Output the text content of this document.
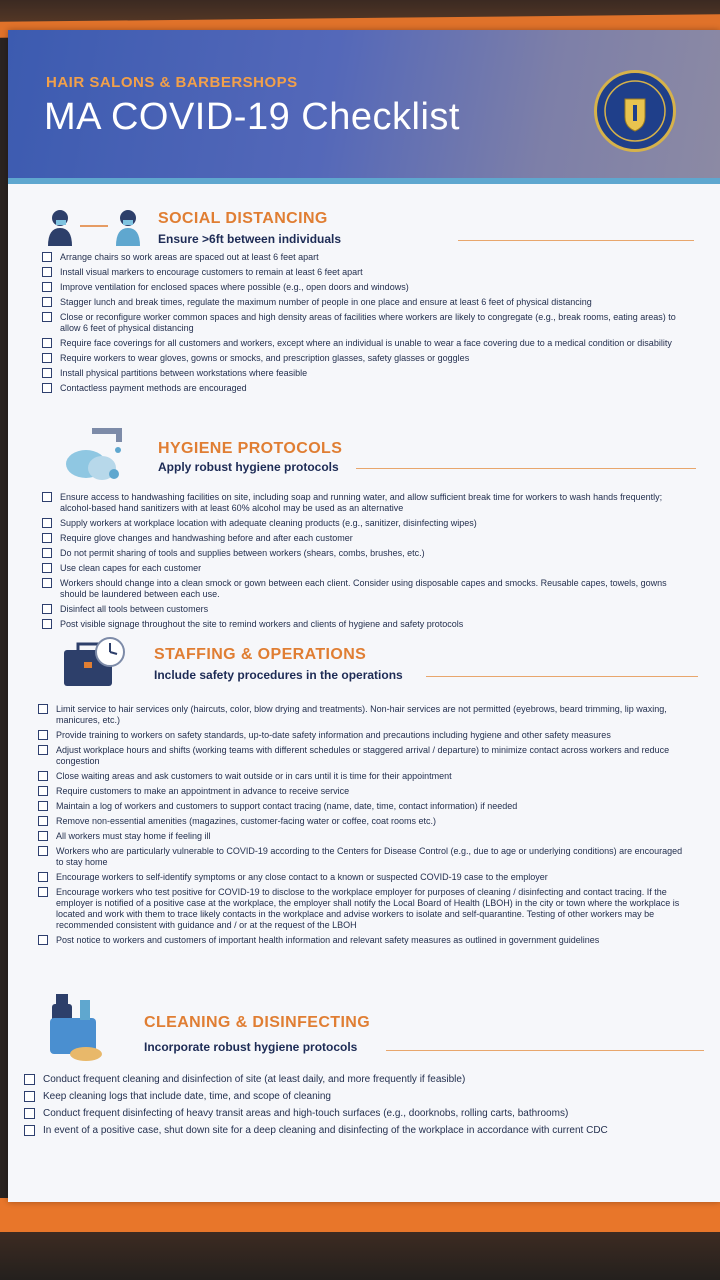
HAIR SALONS & BARBERSHOPS
MA COVID-19 Checklist
SOCIAL DISTANCING
Ensure >6ft between individuals
Arrange chairs so work areas are spaced out at least 6 feet apart
Install visual markers to encourage customers to remain at least 6 feet apart
Improve ventilation for enclosed spaces where possible (e.g., open doors and windows)
Stagger lunch and break times, regulate the maximum number of people in one place and ensure at least 6 feet of physical distancing
Close or reconfigure worker common spaces and high density areas of facilities where workers are likely to congregate (e.g., break rooms, eating areas) to allow 6 feet of physical distancing
Require face coverings for all customers and workers, except where an individual is unable to wear a face covering due to a medical condition or disability
Require workers to wear gloves, gowns or smocks, and prescription glasses, safety glasses or goggles
Install physical partitions between workstations where feasible
Contactless payment methods are encouraged
HYGIENE PROTOCOLS
Apply robust hygiene protocols
Ensure access to handwashing facilities on site, including soap and running water, and allow sufficient break time for workers to wash hands frequently; alcohol-based hand sanitizers with at least 60% alcohol may be used as an alternative
Supply workers at workplace location with adequate cleaning products (e.g., sanitizer, disinfecting wipes)
Require glove changes and handwashing before and after each customer
Do not permit sharing of tools and supplies between workers (shears, combs, brushes, etc.)
Use clean capes for each customer
Workers should change into a clean smock or gown between each client. Consider using disposable capes and smocks. Reusable capes, towels, gowns should be laundered between each use.
Disinfect all tools between customers
Post visible signage throughout the site to remind workers and clients of hygiene and safety protocols
STAFFING & OPERATIONS
Include safety procedures in the operations
Limit service to hair services only (haircuts, color, blow drying and treatments). Non-hair services are not permitted (eyebrows, beard trimming, lip waxing, manicures, etc.)
Provide training to workers on safety standards, up-to-date safety information and precautions including hygiene and other safety measures
Adjust workplace hours and shifts (working teams with different schedules or staggered arrival / departure) to minimize contact across workers and reduce congestion
Close waiting areas and ask customers to wait outside or in cars until it is time for their appointment
Require customers to make an appointment in advance to receive service
Maintain a log of workers and customers to support contact tracing (name, date, time, contact information) if needed
Remove non-essential amenities (magazines, customer-facing water or coffee, coat rooms etc.)
All workers must stay home if feeling ill
Workers who are particularly vulnerable to COVID-19 according to the Centers for Disease Control (e.g., due to age or underlying conditions) are encouraged to stay home
Encourage workers to self-identify symptoms or any close contact to a known or suspected COVID-19 case to the employer
Encourage workers who test positive for COVID-19 to disclose to the workplace employer for purposes of cleaning / disinfecting and contact tracing. If the employer is notified of a positive case at the workplace, the employer shall notify the Local Board of Health (LBOH) in the city or town where the workplace is located and work with them to trace likely contacts in the workplace and advise workers to isolate and self-quarantine. Testing of other workers may be recommended consistent with guidance and / or at the request of the LBOH
Post notice to workers and customers of important health information and relevant safety measures as outlined in government guidelines
CLEANING & DISINFECTING
Incorporate robust hygiene protocols
Conduct frequent cleaning and disinfection of site (at least daily, and more frequently if feasible)
Keep cleaning logs that include date, time, and scope of cleaning
Conduct frequent disinfecting of heavy transit areas and high-touch surfaces (e.g., doorknobs, rolling carts, bathrooms)
In event of a positive case, shut down site for a deep cleaning and disinfecting of the workplace in accordance with current CDC
